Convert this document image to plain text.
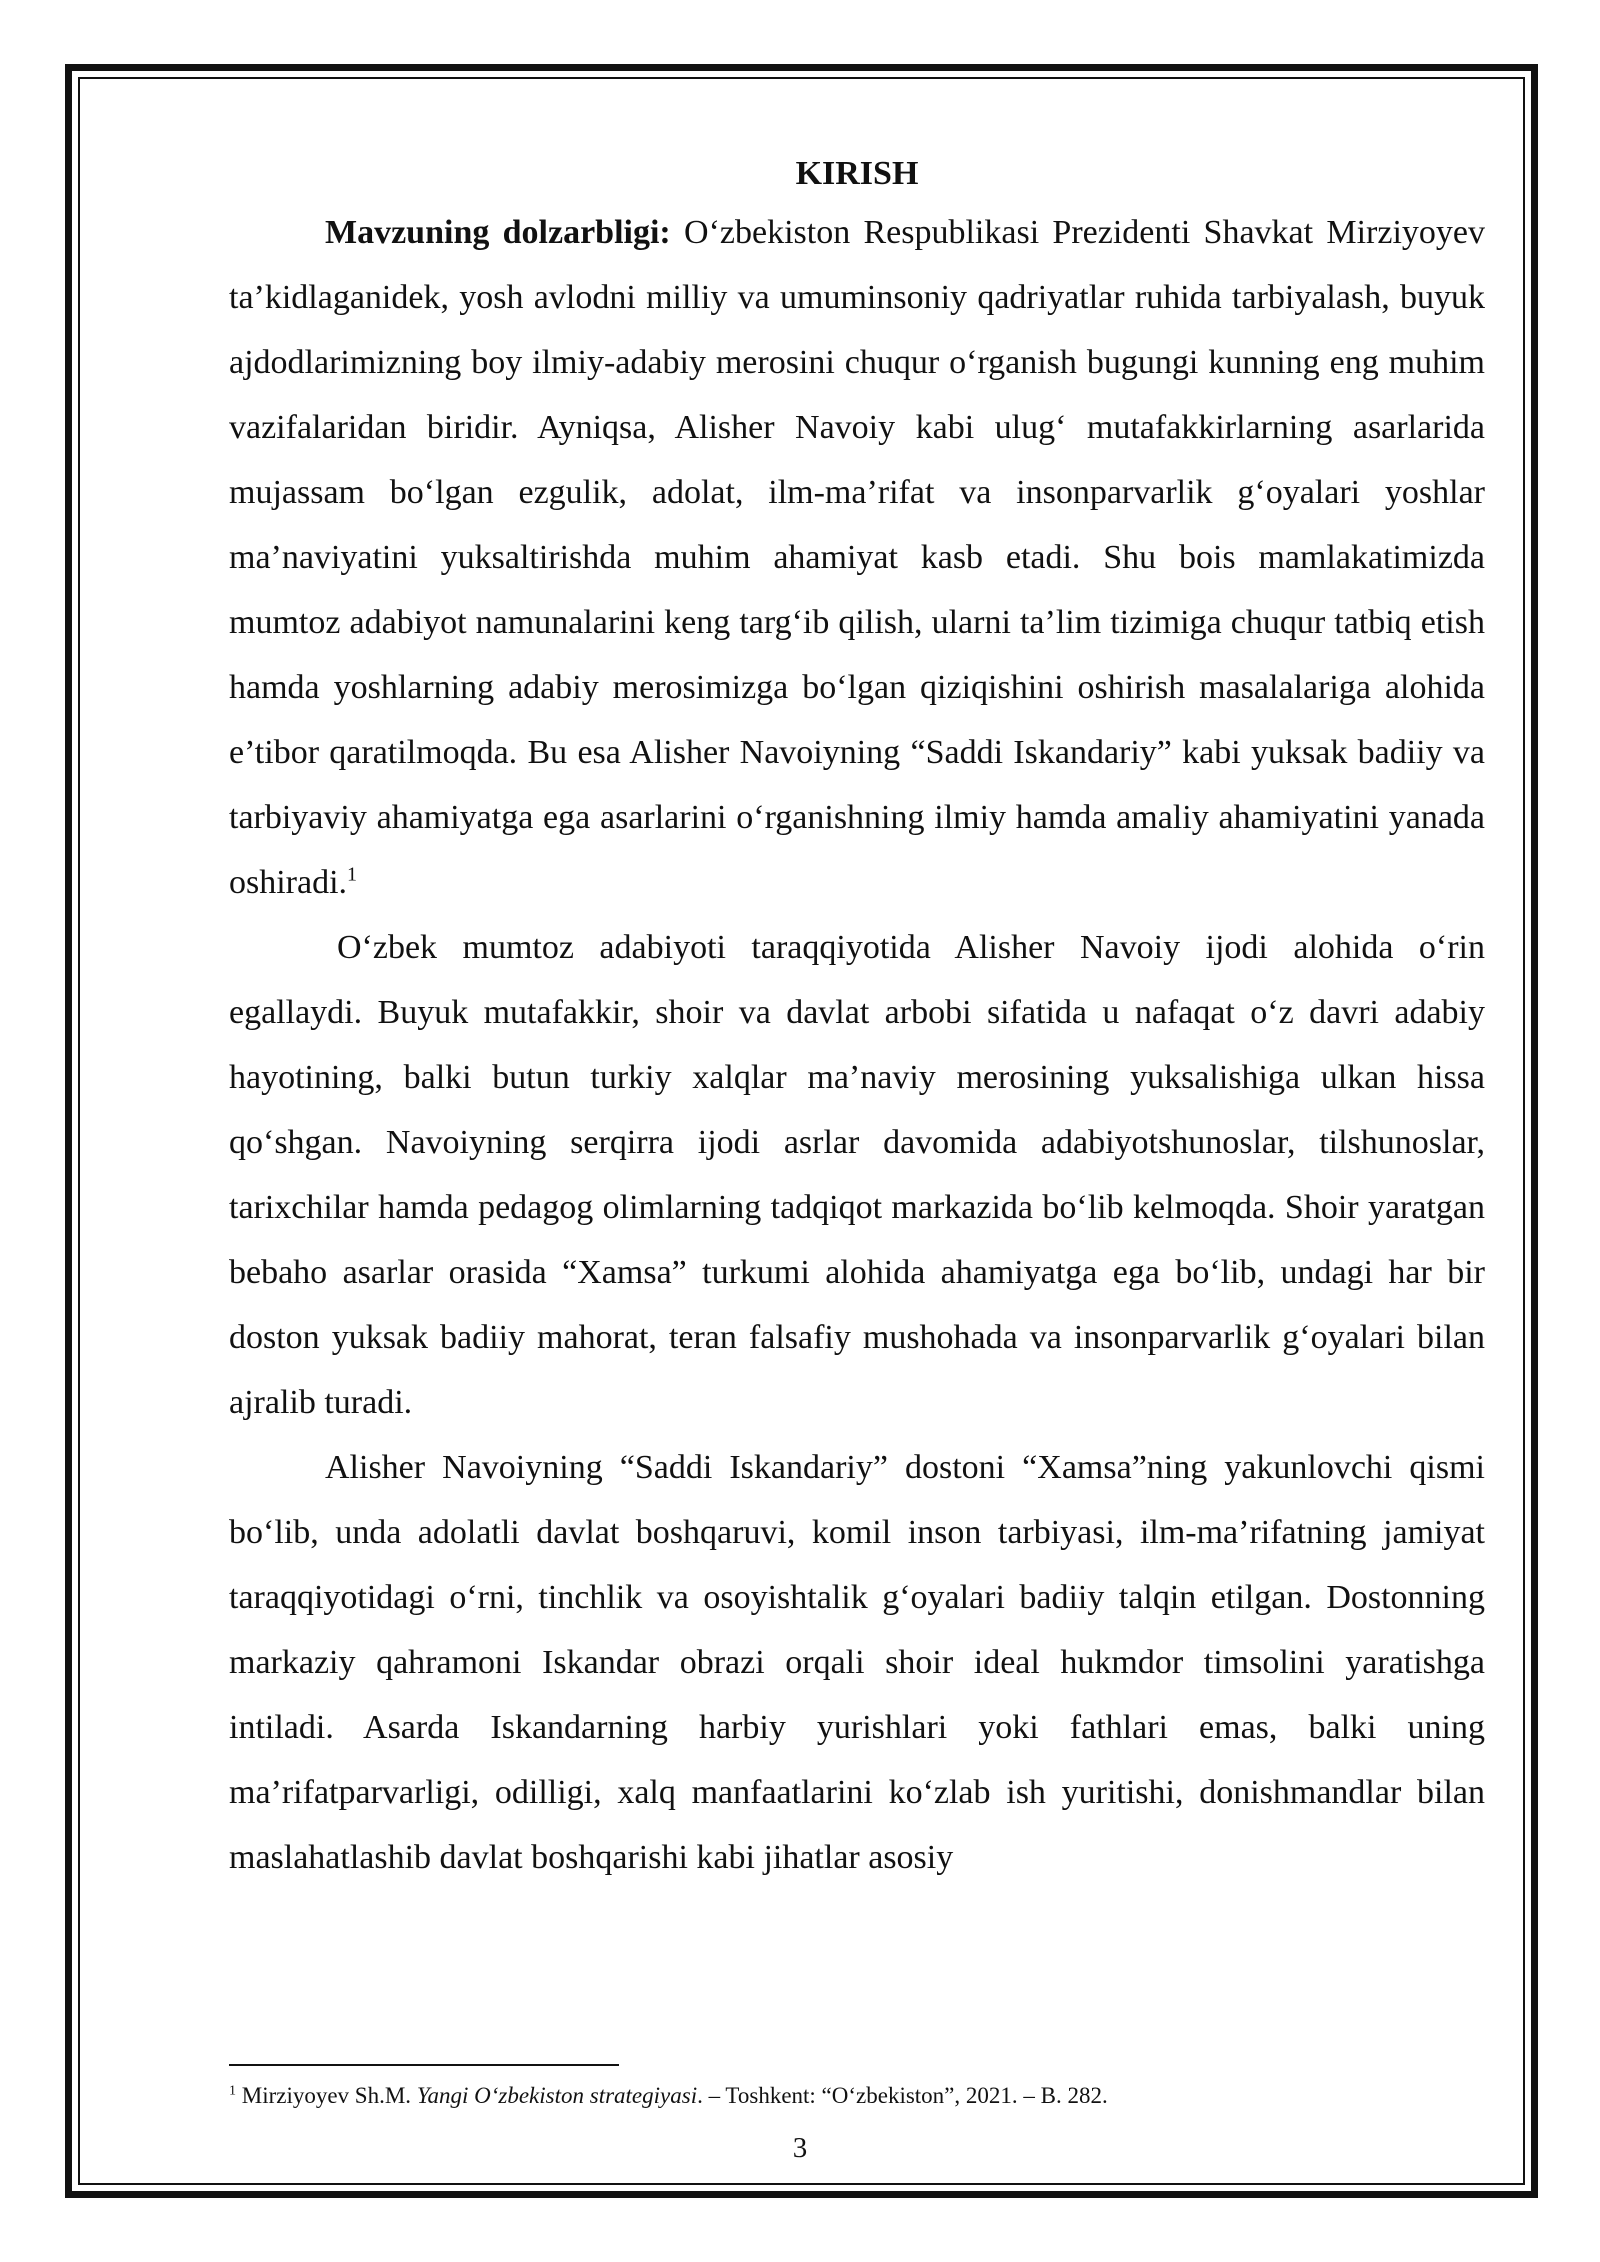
KIRISH

Mavzuning dolzarbligi: O‘zbekiston Respublikasi Prezidenti Shavkat Mirziyoyev ta’kidlaganidek, yosh avlodni milliy va umuminsoniy qadriyatlar ruhida tarbiyalash, buyuk ajdodlarimizning boy ilmiy-adabiy merosini chuqur o‘rganish bugungi kunning eng muhim vazifalaridan biridir. Ayniqsa, Alisher Navoiy kabi ulug‘ mutafakkirlarning asarlarida mujassam bo‘lgan ezgulik, adolat, ilm-ma’rifat va insonparvarlik g‘oyalari yoshlar ma’naviyatini yuksaltirishda muhim ahamiyat kasb etadi. Shu bois mamlakatimizda mumtoz adabiyot namunalarini keng targ‘ib qilish, ularni ta’lim tizimiga chuqur tatbiq etish hamda yoshlarning adabiy merosimizga bo‘lgan qiziqishini oshirish masalalariga alohida e’tibor qaratilmoqda. Bu esa Alisher Navoiyning “Saddi Iskandariy” kabi yuksak badiiy va tarbiyaviy ahamiyatga ega asarlarini o‘rganishning ilmiy hamda amaliy ahamiyatini yanada oshiradi.$^1$

O‘zbek mumtoz adabiyoti taraqqiyotida Alisher Navoiy ijodi alohida o‘rin egallaydi. Buyuk mutafakkir, shoir va davlat arbobi sifatida u nafaqat o‘z davri adabiy hayotining, balki butun turkiy xalqlar ma’naviy merosining yuksalishiga ulkan hissa qo‘shgan. Navoiyning serqirra ijodi asrlar davomida adabiyotshunoslar, tilshunoslar, tarixchilar hamda pedagog olimlarning tadqiqot markazida bo‘lib kelmoqda. Shoir yaratgan bebaho asarlar orasida “Xamsa” turkumi alohida ahamiyatga ega bo‘lib, undagi har bir doston yuksak badiiy mahorat, teran falsafiy mushohada va insonparvarlik g‘oyalari bilan ajralib turadi.

Alisher Navoiyning “Saddi Iskandariy” dostoni “Xamsa”ning yakunlovchi qismi bo‘lib, unda adolatli davlat boshqaruvi, komil inson tarbiyasi, ilm-ma’rifatning jamiyat taraqqiyotidagi o‘rni, tinchlik va osoyishtalik g‘oyalari badiiy talqin etilgan. Dostonning markaziy qahramoni Iskandar obrazi orqali shoir ideal hukmdor timsolini yaratishga intiladi. Asarda Iskandarning harbiy yurishlari yoki fathlari emas, balki uning ma’rifatparvarligi, odilligi, xalq manfaatlarini ko‘zlab ish yuritishi, donishmandlar bilan maslahatlashib davlat boshqarishi kabi jihatlar asosiy

$^1$ Mirziyoyev Sh.M. Yangi O‘zbekiston strategiyasi. – Toshkent: “O‘zbekiston”, 2021. – B. 282.
3
